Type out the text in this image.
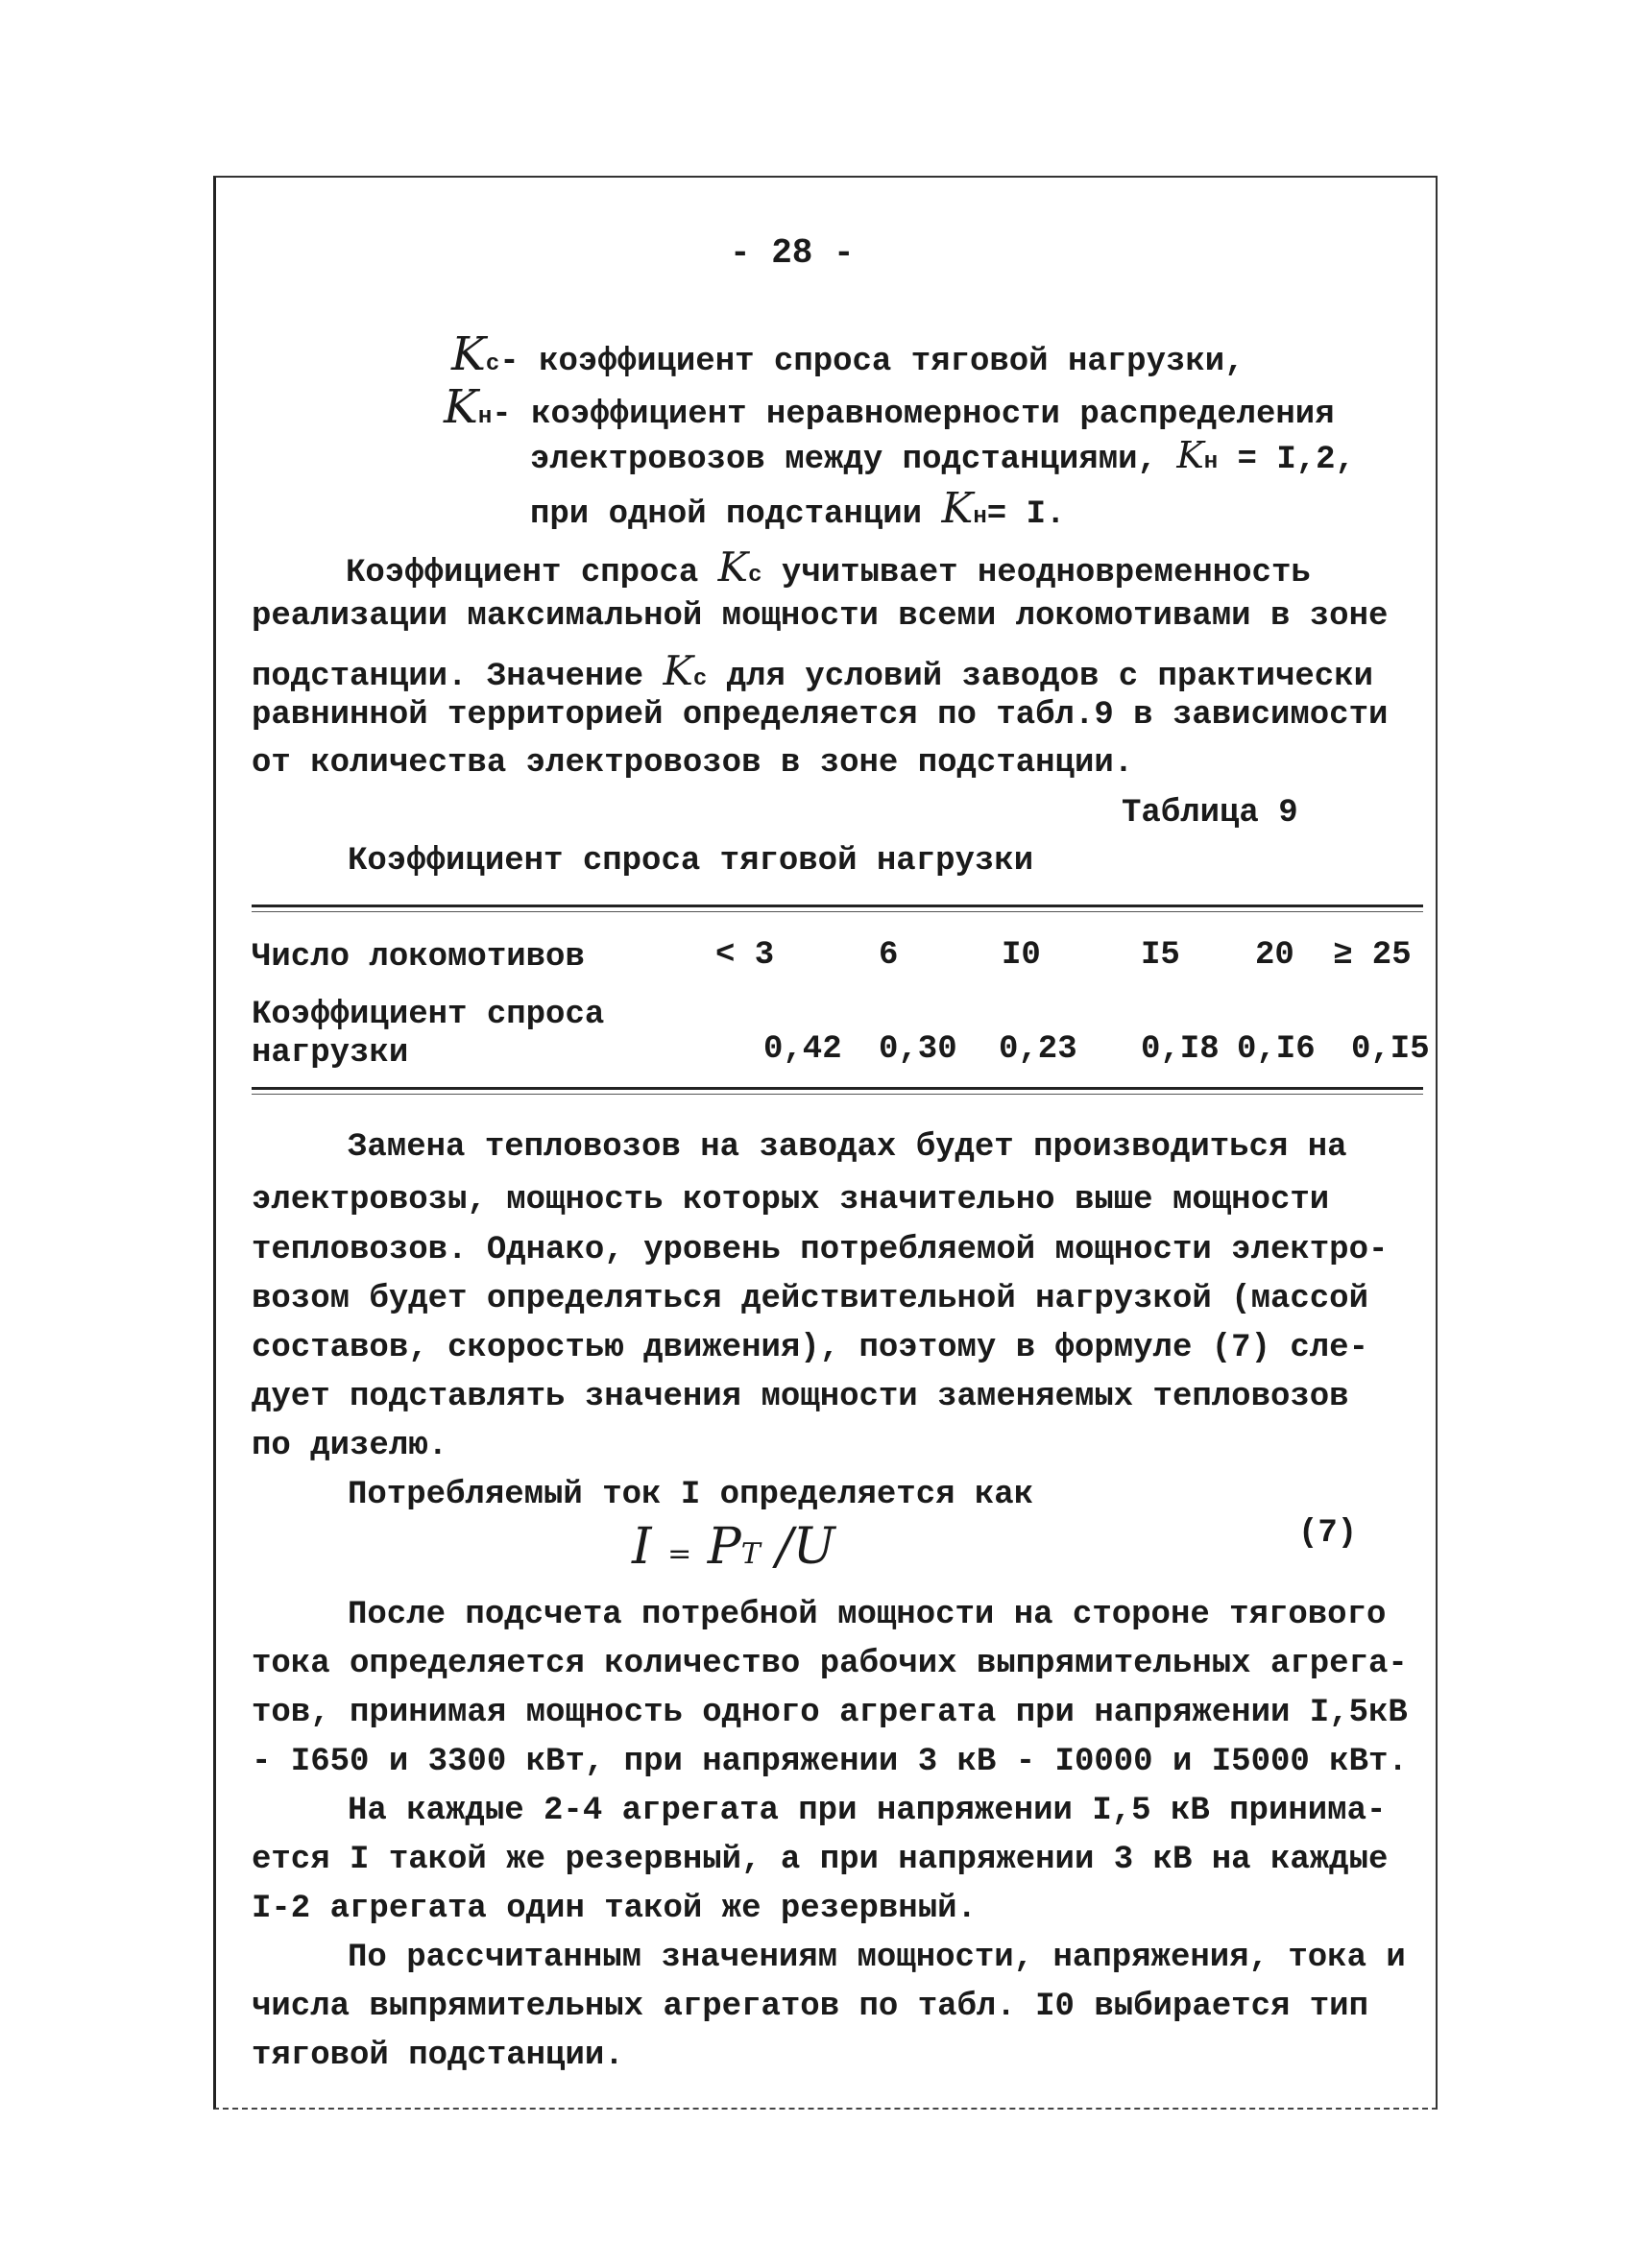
- 28 -
Kc- коэффициент спроса тяговой нагрузки,
Kн- коэффициент неравномерности распределения
электровозов между подстанциями, Kн = I,2,
при одной подстанции Kн= I.
Коэффициент спроса Kc учитывает неодновременность
реализации максимальной мощности всеми локомотивами в зоне
подстанции. Значение Kc для условий заводов с практически
равнинной территорией определяется по табл.9 в зависимости
от количества электровозов в зоне подстанции.
Таблица 9
Коэффициент спроса тяговой нагрузки
Число локомотивов	< 3	6	I0	I5 20 ≥ 25
Коэффициент спроса
нагрузки	0,42 0,30 0,23 0,I8 0,I6 0,I5
Замена тепловозов на заводах будет производиться на
электровозы, мощность которых значительно выше мощности
тепловозов. Однако, уровень потребляемой мощности электро-
возом будет определяться действительной нагрузкой (массой
составов, скоростью движения), поэтому в формуле (7) сле-
дует подставлять значения мощности заменяемых тепловозов
по дизелю.
Потребляемый ток I определяется как
I = PT /U	(7)
После подсчета потребной мощности на стороне тягового
тока определяется количество рабочих выпрямительных агрега-
тов, принимая мощность одного агрегата при напряжении I,5кВ
- I650 и 3300 кВт, при напряжении 3 кВ - I0000 и I5000 кВт.
На каждые 2-4 агрегата при напряжении I,5 кВ принима-
ется I такой же резервный, а при напряжении 3 кВ на каждые
I-2 агрегата один такой же резервный.
По рассчитанным значениям мощности, напряжения, тока и
числа выпрямительных агрегатов по табл. I0 выбирается тип
тяговой подстанции.
